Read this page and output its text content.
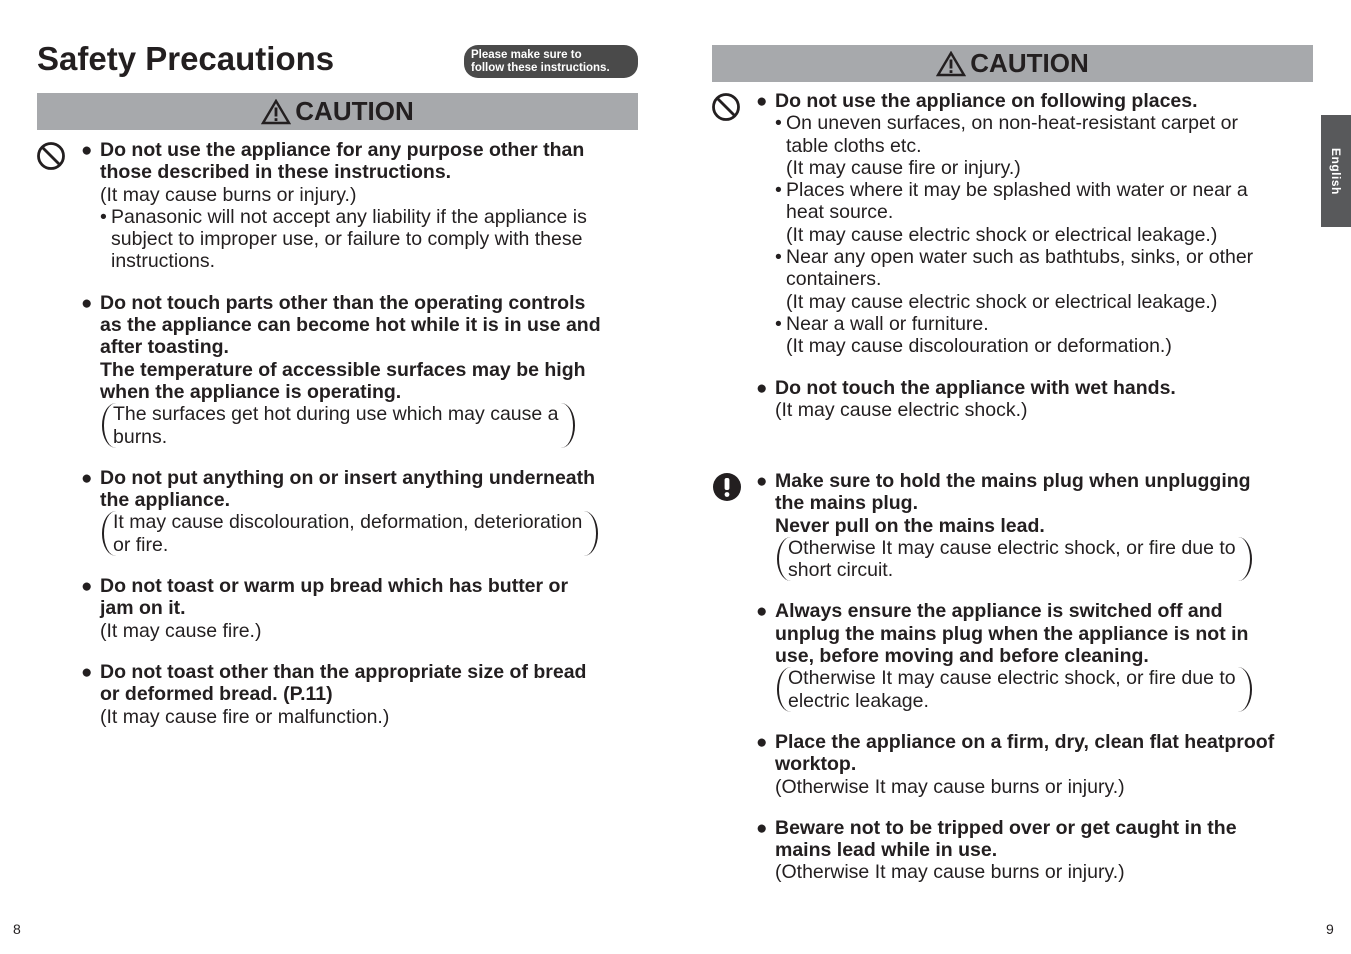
Safety Precautions	Please make sure to
follow these instructions.
CAUTION
● Do not use the appliance for any purpose other than

those described in these instructions.

(It may cause burns or injury.)

• Panasonic will not accept any liability if the appliance is

subject to improper use, or failure to comply with these

instructions.

● Do not touch parts other than the operating controls

as the appliance can become hot while it is in use and

after toasting.

The temperature of accessible surfaces may be high

when the appliance is operating.

The surfaces get hot during use which may cause a

burns.

● Do not put anything on or insert anything underneath

the appliance.

It may cause discolouration, deformation, deterioration

or fire.

● Do not toast or warm up bread which has butter or

jam on it.

(It may cause fire.)

● Do not toast other than the appropriate size of bread

or deformed bread. (P.11)

(It may cause fire or malfunction.)

8
CAUTION
● Do not use the appliance on following places.

• On uneven surfaces, on non-heat-resistant carpet or

table cloths etc.

(It may cause fire or injury.)

• Places where it may be splashed with water or near a

heat source.

(It may cause electric shock or electrical leakage.)

• Near any open water such as bathtubs, sinks, or other

containers.

(It may cause electric shock or electrical leakage.)

• Near a wall or furniture.

(It may cause discolouration or deformation.)

● Do not touch the appliance with wet hands.

(It may cause electric shock.)

● Make sure to hold the mains plug when unplugging

the mains plug.

Never pull on the mains lead.

Otherwise It may cause electric shock, or fire due to

short circuit.

● Always ensure the appliance is switched off and

unplug the mains plug when the appliance is not in

use, before moving and before cleaning.

Otherwise It may cause electric shock, or fire due to

electric leakage.

● Place the appliance on a firm, dry, clean flat heatproof

worktop.

(Otherwise It may cause burns or injury.)

● Beware not to be tripped over or get caught in the

mains lead while in use.

(Otherwise It may cause burns or injury.)

English
9
